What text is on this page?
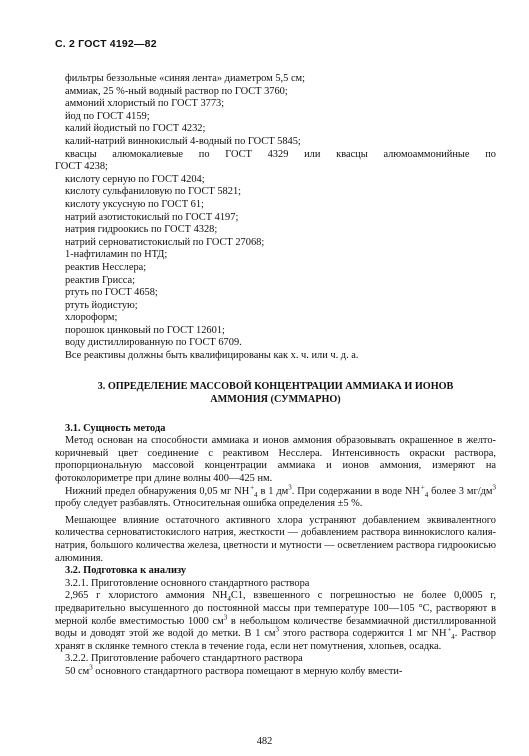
С. 2 ГОСТ 4192—82
фильтры беззольные «синяя лента» диаметром 5,5 см;
аммиак, 25 %-ный водный раствор по ГОСТ 3760;
аммоний хлористый по ГОСТ 3773;
йод по ГОСТ 4159;
калий йодистый по ГОСТ 4232;
калий-натрий виннокислый 4-водный по ГОСТ 5845;
квасцы алюмокалиевые по ГОСТ 4329 или квасцы алюмоаммонийные по
ГОСТ 4238;
кислоту серную по ГОСТ 4204;
кислоту сульфаниловую по ГОСТ 5821;
кислоту уксусную по ГОСТ 61;
натрий азотистокислый по ГОСТ 4197;
натрия гидроокись по ГОСТ 4328;
натрий серноватистокислый по ГОСТ 27068;
1-нафтиламин по НТД;
реактив Несслера;
реактив Грисса;
ртуть по ГОСТ 4658;
ртуть йодистую;
хлороформ;
порошок цинковый по ГОСТ 12601;
воду дистиллированную по ГОСТ 6709.
Все реактивы должны быть квалифицированы как х. ч. или ч. д. а.
3. ОПРЕДЕЛЕНИЕ МАССОВОЙ КОНЦЕНТРАЦИИ АММИАКА И ИОНОВ
АММОНИЯ (СУММАРНО)
3.1. Сущность метода

Метод основан на способности аммиака и ионов аммония образовывать окрашенное в желто-коричневый цвет соединение с реактивом Несслера. Интенсивность окраски раствора, пропорциональную массовой концентрации аммиака и ионов аммония, измеряют на фотоколориметре при длине волны 400—425 нм.

Нижний предел обнаружения 0,05 мг NH +$_4$ в 1 $дм^3$. При содержании в воде NH +$_4$ более 3 $мг/дм^3$ пробу следует разбавлять. Относительная ошибка определения ±5 %.

Мешающее влияние остаточного активного хлора устраняют добавлением эквивалентного количества серноватистокислого натрия, жесткости — добавлением раствора виннокислого калия-натрия, большого количества железа, цветности и мутности — осветлением раствора гидроокисью алюминия.

3.2. Подготовка к анализу
3.2.1. Приготовление основного стандартного раствора

2,965 г хлористого аммония $NH_4С1$, взвешенного с погрешностью не более 0,0005 г, предварительно высушенного до постоянной массы при температуре 100—105 °С, растворяют в мерной колбе вместимостью 1000 $см^3$ в небольшом количестве безаммиачной дистиллированной воды и доводят этой же водой до метки. В 1 $см^3$ этого раствора содержится 1 мг NH +$_4$. Раствор хранят в склянке темного стекла в течение года, если нет помутнения, хлопьев, осадка.

3.2.2. Приготовление рабочего стандартного раствора

50 $см^3$ основного стандартного раствора помещают в мерную колбу вмести-

482
